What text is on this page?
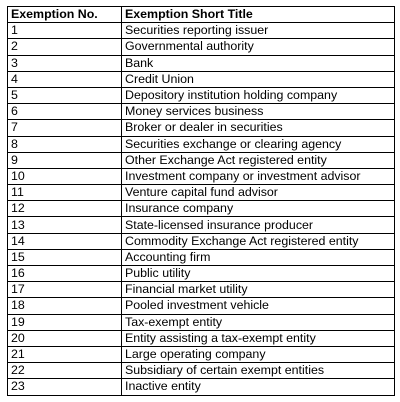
Exemption No.	Exemption Short Title
1	Securities reporting issuer
2	Governmental authority
3	Bank
4	Credit Union
5	Depository institution holding company
6	Money services business
7	Broker or dealer in securities
8	Securities exchange or clearing agency
9	Other Exchange Act registered entity
10	Investment company or investment advisor
11	Venture capital fund advisor
12	Insurance company
13	State-licensed insurance producer
14	Commodity Exchange Act registered entity
15	Accounting firm
16	Public utility
17	Financial market utility
18	Pooled investment vehicle
19	Tax-exempt entity
20	Entity assisting a tax-exempt entity
21	Large operating company
22	Subsidiary of certain exempt entities
23	Inactive entity
